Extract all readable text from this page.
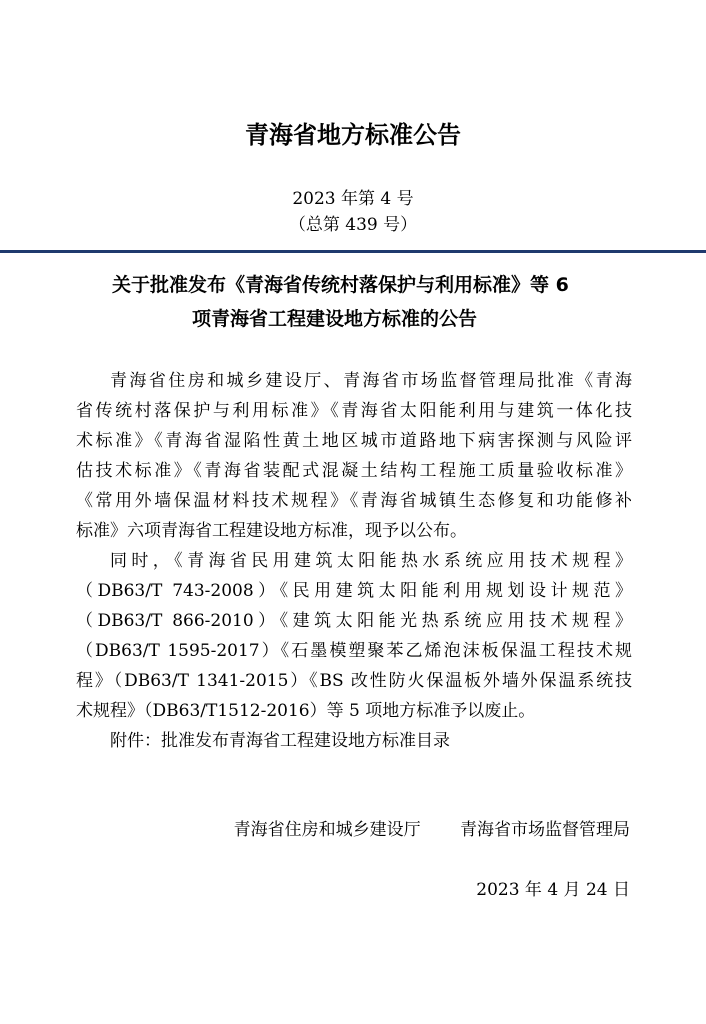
青海省地方标准公告
2023 年第 4 号
（总第 439 号）
关于批准发布《青海省传统村落保护与利用标准》等 6
项青海省工程建设地方标准的公告

青海省住房和城乡建设厅、青海省市场监督管理局批准《青海
省传统村落保护与利用标准》《青海省太阳能利用与建筑一体化技
术标准》《青海省湿陷性黄土地区城市道路地下病害探测与风险评
估技术标准》《青海省装配式混凝土结构工程施工质量验收标准》
《常用外墙保温材料技术规程》《青海省城镇生态修复和功能修补
标准》六项青海省工程建设地方标准，现予以公布。

同时，《青海省民用建筑太阳能热水系统应用技术规程》
（DB63/T 743-2008）《民用建筑太阳能利用规划设计规范》
（DB63/T 866-2010）《建筑太阳能光热系统应用技术规程》
（DB63/T 1595-2017）《石墨模塑聚苯乙烯泡沫板保温工程技术规
程》（DB63/T 1341-2015）《BS 改性防火保温板外墙外保温系统技
术规程》（DB63/T1512-2016）等 5 项地方标准予以废止。

附件：批准发布青海省工程建设地方标准目录

青海省住房和城乡建设厅 青海省市场监督管理局
2023 年 4 月 24 日
